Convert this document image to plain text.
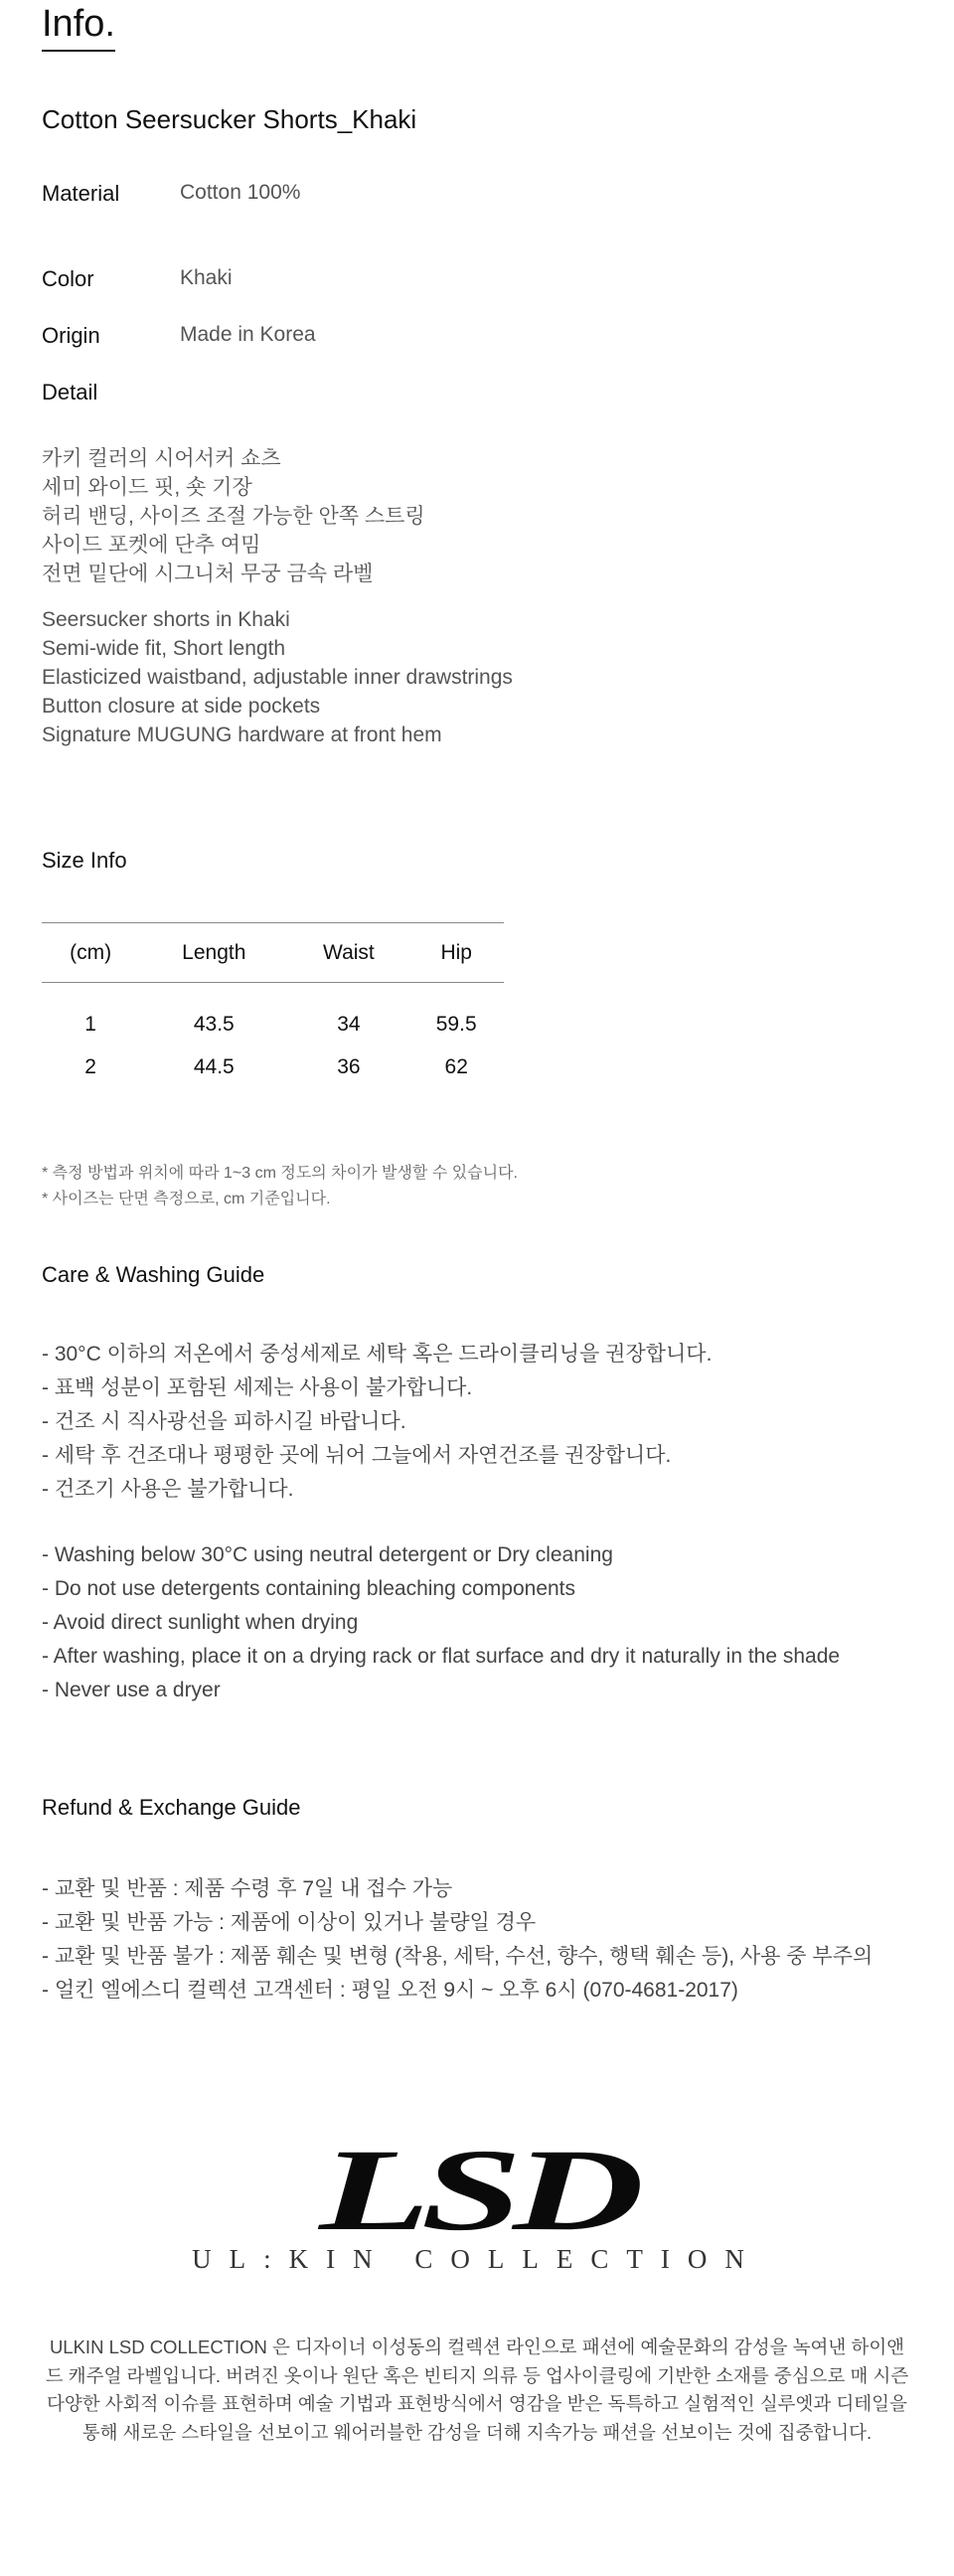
Info.
Cotton Seersucker Shorts_Khaki
Material	Cotton 100%
Color	Khaki
Origin	Made in Korea
Detail
카키 컬러의 시어서커 쇼츠
세미 와이드 핏, 숏 기장
허리 밴딩, 사이즈 조절 가능한 안쪽 스트링
사이드 포켓에 단추 여밈
전면 밑단에 시그니처 무궁 금속 라벨
Seersucker shorts in Khaki
Semi-wide fit, Short length
Elasticized waistband, adjustable inner drawstrings
Button closure at side pockets
Signature MUGUNG hardware at front hem
Size Info
(cm)	Length	Waist	Hip
1	43.5	34	59.5
2	44.5	36	62
* 측정 방법과 위치에 따라 1~3 cm 정도의 차이가 발생할 수 있습니다.
* 사이즈는 단면 측정으로, cm 기준입니다.
Care & Washing Guide
- 30°C 이하의 저온에서 중성세제로 세탁 혹은 드라이클리닝을 권장합니다.
- 표백 성분이 포함된 세제는 사용이 불가합니다.
- 건조 시 직사광선을 피하시길 바랍니다.
- 세탁 후 건조대나 평평한 곳에 뉘어 그늘에서 자연건조를 권장합니다.
- 건조기 사용은 불가합니다.
- Washing below 30°C using neutral detergent or Dry cleaning
- Do not use detergents containing bleaching components
- Avoid direct sunlight when drying
- After washing, place it on a drying rack or flat surface and dry it naturally in the shade
- Never use a dryer
Refund & Exchange Guide
- 교환 및 반품 : 제품 수령 후 7일 내 접수 가능
- 교환 및 반품 가능 : 제품에 이상이 있거나 불량일 경우
- 교환 및 반품 불가 : 제품 훼손 및 변형 (착용, 세탁, 수선, 향수, 행택 훼손 등), 사용 중 부주의
- 얼킨 엘에스디 컬렉션 고객센터 : 평일 오전 9시 ~ 오후 6시 (070-4681-2017)
LSD
UL:KIN COLLECTION
ULKIN LSD COLLECTION 은 디자이너 이성동의 컬렉션 라인으로 패션에 예술문화의 감성을 녹여낸 하이앤드 캐주얼 라벨입니다. 버려진 옷이나 원단 혹은 빈티지 의류 등 업사이클링에 기반한 소재를 중심으로 매 시즌 다양한 사회적 이슈를 표현하며 예술 기법과 표현방식에서 영감을 받은 독특하고 실험적인 실루엣과 디테일을 통해 새로운 스타일을 선보이고 웨어러블한 감성을 더해 지속가능 패션을 선보이는 것에 집중합니다.
